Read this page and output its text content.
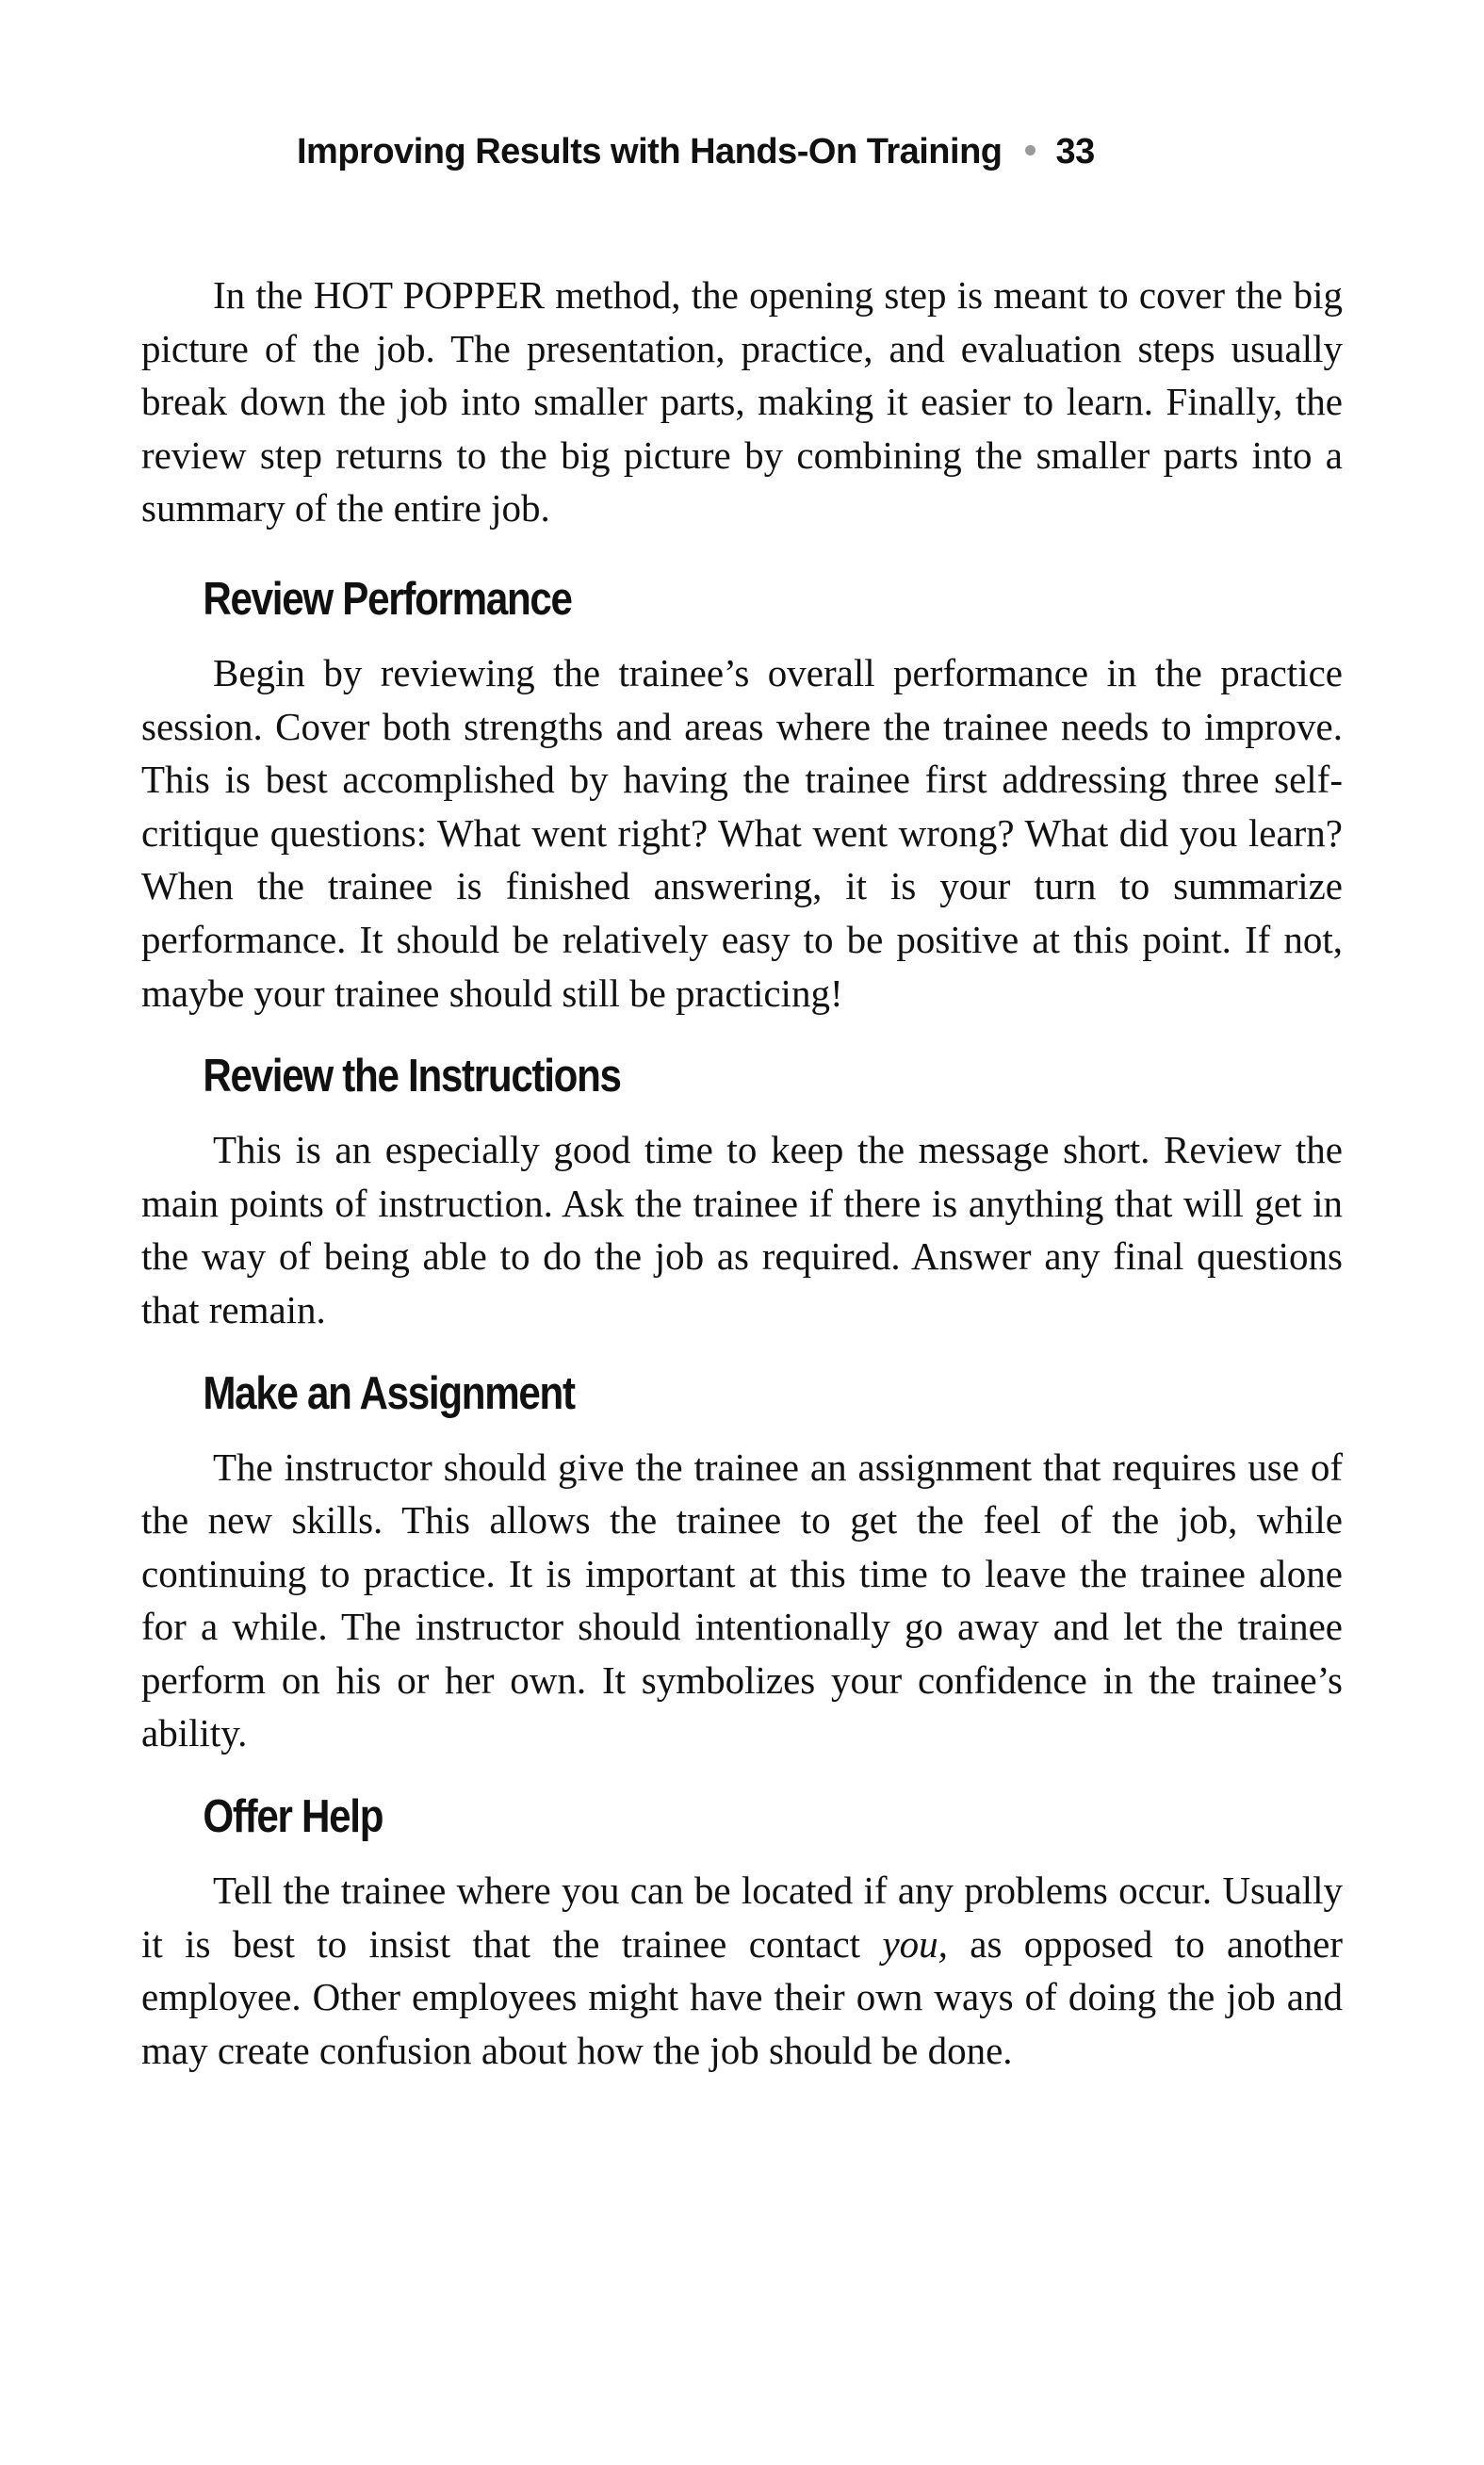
Improving Results with Hands-On Training 33

In the HOT POPPER method, the opening step is meant to cover the big picture of the job. The presentation, practice, and evaluation steps usually break down the job into smaller parts, making it easier to learn. Finally, the review step returns to the big picture by combining the smaller parts into a summary of the entire job.

Review Performance

Begin by reviewing the trainee’s overall performance in the practice session. Cover both strengths and areas where the trainee needs to improve. This is best accomplished by having the trainee first addressing three self-critique questions: What went right? What went wrong? What did you learn? When the trainee is finished answering, it is your turn to summarize performance. It should be relatively easy to be positive at this point. If not, maybe your trainee should still be practicing!

Review the Instructions

This is an especially good time to keep the message short. Review the main points of instruction. Ask the trainee if there is anything that will get in the way of being able to do the job as required. Answer any final questions that remain.

Make an Assignment

The instructor should give the trainee an assignment that requires use of the new skills. This allows the trainee to get the feel of the job, while continuing to practice. It is important at this time to leave the trainee alone for a while. The instructor should intentionally go away and let the trainee perform on his or her own. It symbolizes your confidence in the trainee’s ability.

Offer Help

Tell the trainee where you can be located if any problems occur. Usually it is best to insist that the trainee contact you, as opposed to another employee. Other employees might have their own ways of doing the job and may create confusion about how the job should be done.
